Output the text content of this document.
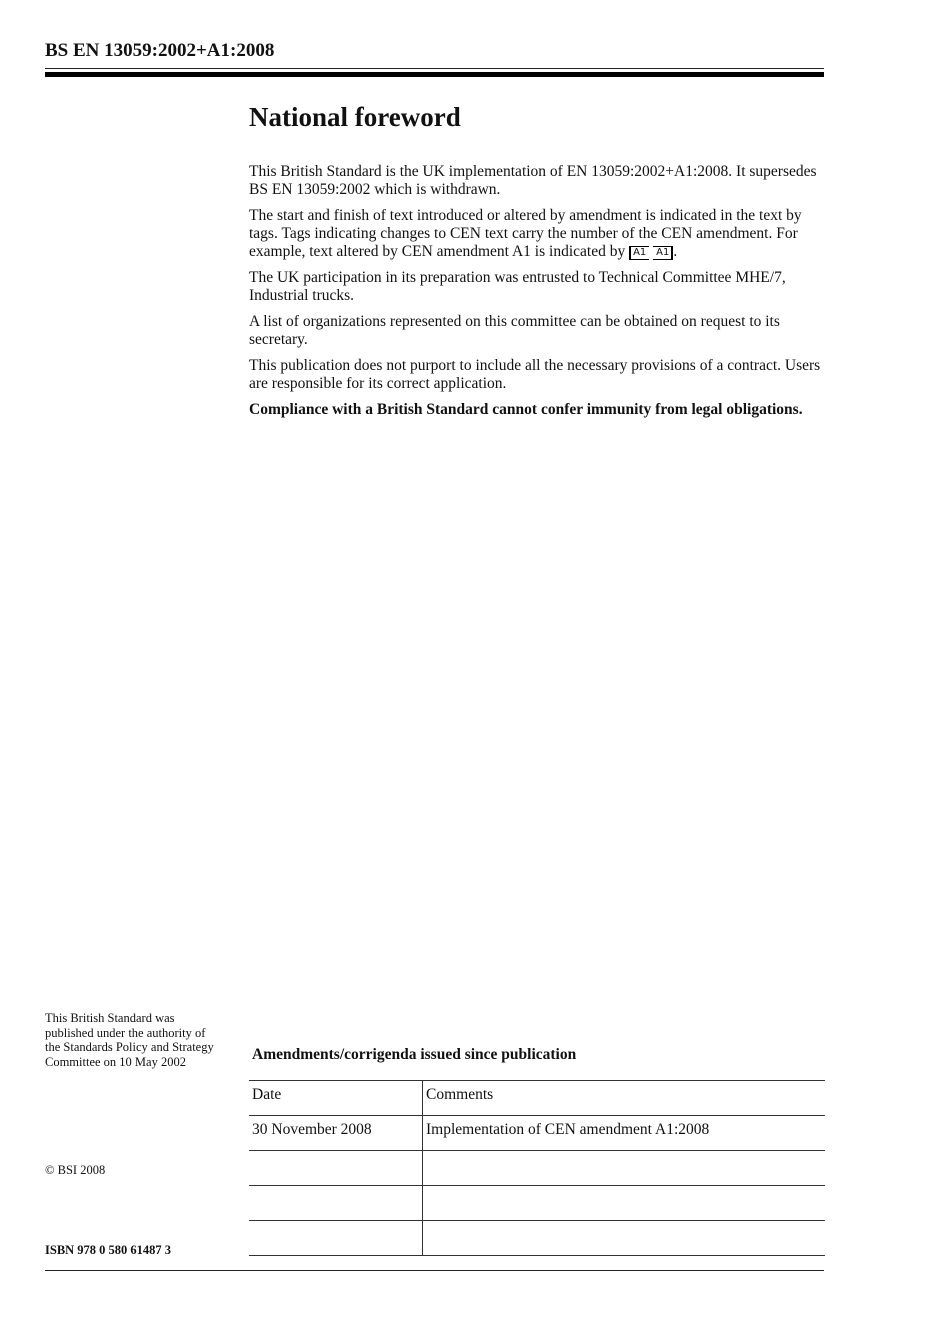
BS EN 13059:2002+A1:2008
National foreword

This British Standard is the UK implementation of EN 13059:2002+A1:2008. It supersedes BS EN 13059:2002 which is withdrawn.

The start and finish of text introduced or altered by amendment is indicated in the text by tags. Tags indicating changes to CEN text carry the number of the CEN amendment. For example, text altered by CEN amendment A1 is indicated by A1 A1 .

The UK participation in its preparation was entrusted to Technical Committee MHE/7, Industrial trucks.

A list of organizations represented on this committee can be obtained on request to its secretary.

This publication does not purport to include all the necessary provisions of a contract. Users are responsible for its correct application.

Compliance with a British Standard cannot confer immunity from legal obligations.

This British Standard was published under the authority of the Standards Policy and Strategy Committee on 10 May 2002
© BSI 2008
ISBN 978 0 580 61487 3
Amendments/corrigenda issued since publication
Date	Comments
30 November 2008	Implementation of CEN amendment A1:2008
